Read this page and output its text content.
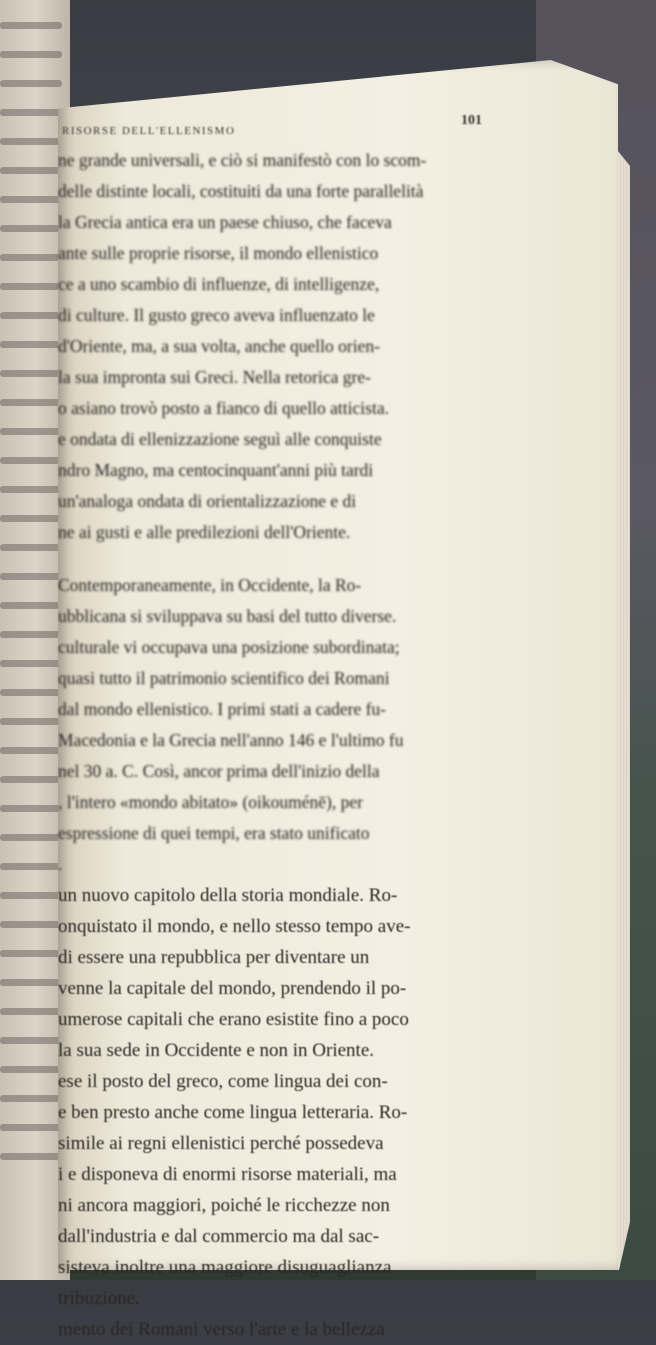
RISORSE DELL'ELLENISMO
101
ne grande universali, e ciò si manifestò con lo scom-
delle distinte locali, costituiti da una forte parallelità
la Grecia antica era un paese chiuso, che faceva
ante sulle proprie risorse, il mondo ellenistico
ce a uno scambio di influenze, di intelligenze,
di culture. Il gusto greco aveva influenzato le
d'Oriente, ma, a sua volta, anche quello orien-
la sua impronta sui Greci. Nella retorica gre-
o asiano trovò posto a fianco di quello atticista.
e ondata di ellenizzazione seguì alle conquiste
ndro Magno, ma centocinquant'anni più tardi
un'analoga ondata di orientalizzazione e di
ne ai gusti e alle predilezioni dell'Oriente.
Contemporaneamente, in Occidente, la Ro-
ubblicana si sviluppava su basi del tutto diverse.
culturale vi occupava una posizione subordinata;
quasi tutto il patrimonio scientifico dei Romani
dal mondo ellenistico. I primi stati a cadere fu-
Macedonia e la Grecia nell'anno 146 e l'ultimo fu
nel 30 a. C. Così, ancor prima dell'inizio della
, l'intero «mondo abitato» (oikouménē), per
espressione di quei tempi, era stato unificato
.
un nuovo capitolo della storia mondiale. Ro-
onquistato il mondo, e nello stesso tempo ave-
di essere una repubblica per diventare un
venne la capitale del mondo, prendendo il po-
umerose capitali che erano esistite fino a poco
la sua sede in Occidente e non in Oriente.
ese il posto del greco, come lingua dei con-
e ben presto anche come lingua letteraria. Ro-
simile ai regni ellenistici perché possedeva
i e disponeva di enormi risorse materiali, ma
ni ancora maggiori, poiché le ricchezze non
dall'industria e dal commercio ma dal sac-
sisteva inoltre una maggiore disuguaglianza
tribuzione.
mento dei Romani verso l'arte e la bellezza
